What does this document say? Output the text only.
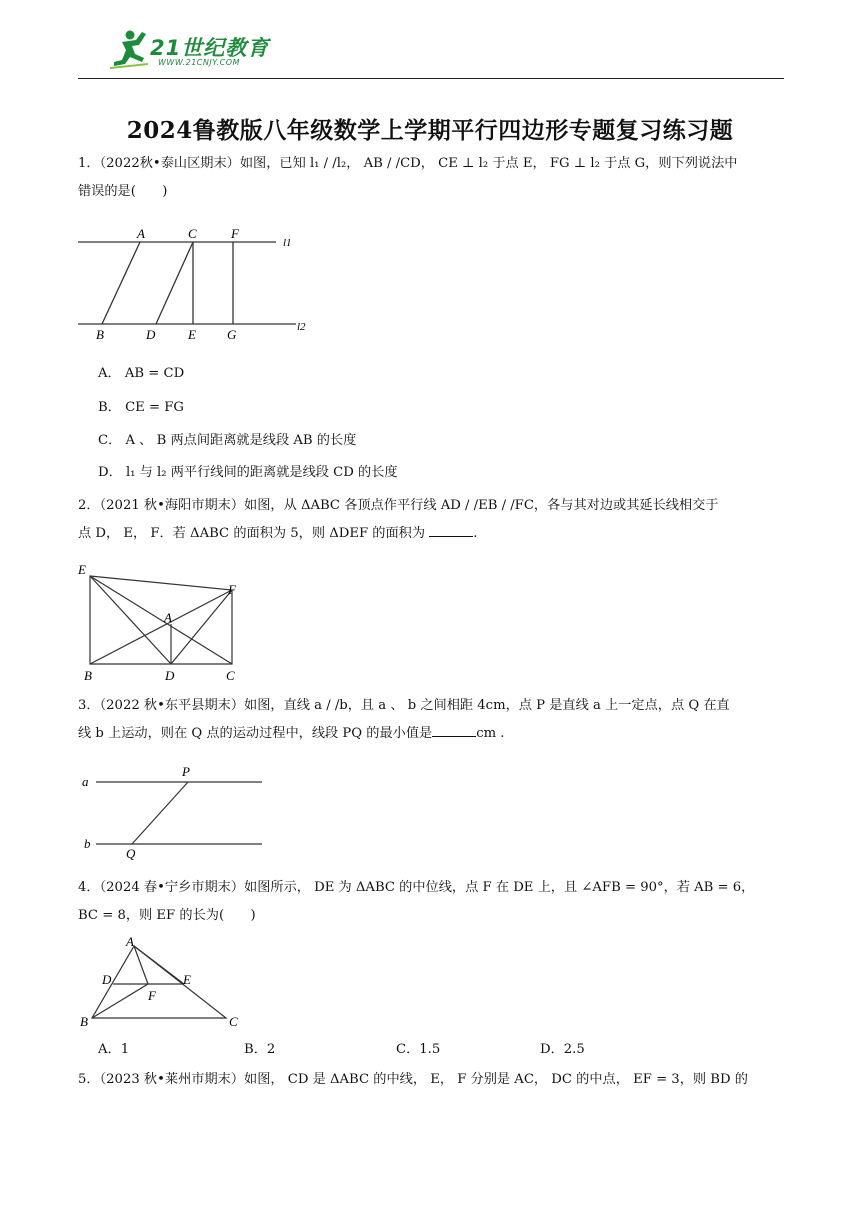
21世纪教育
WWW.21CNJY.COM
2024鲁教版八年级数学上学期平行四边形专题复习练习题
1．（2022秋•泰山区期末）如图，已知 l₁ / /l₂， AB / /CD， CE ⊥ l₂ 于点 E， FG ⊥ l₂ 于点 G，则下列说法中
错误的是(　　)
A	C	F
l1
B	D	E G	l2
A． AB = CD
B． CE = FG
C． A 、 B 两点间距离就是线段 AB 的长度
D． l₁ 与 l₂ 两平行线间的距离就是线段 CD 的长度
2．（2021 秋•海阳市期末）如图，从 ΔABC 各顶点作平行线 AD / /EB / /FC，各与其对边或其延长线相交于
点 D， E， F．若 ΔABC 的面积为 5，则 ΔDEF 的面积为	.
E
F
A
B	D	C
3．（2022 秋•东平县期末）如图，直线 a / /b，且 a 、 b 之间相距 4cm，点 P 是直线 a 上一定点，点 Q 在直
线 b 上运动，则在 Q 点的运动过程中，线段 PQ 的最小值是	cm .
a
P
b
Q
4．（2024 春•宁乡市期末）如图所示， DE 为 ΔABC 的中位线，点 F 在 DE 上，且 ∠AFB = 90°，若 AB = 6，
BC = 8，则 EF 的长为(　　)
A
D	E
F
B	C
A．1	B．2	C．1.5	D．2.5
5．（2023 秋•莱州市期末）如图， CD 是 ΔABC 的中线， E， F 分别是 AC， DC 的中点， EF = 3，则 BD 的
